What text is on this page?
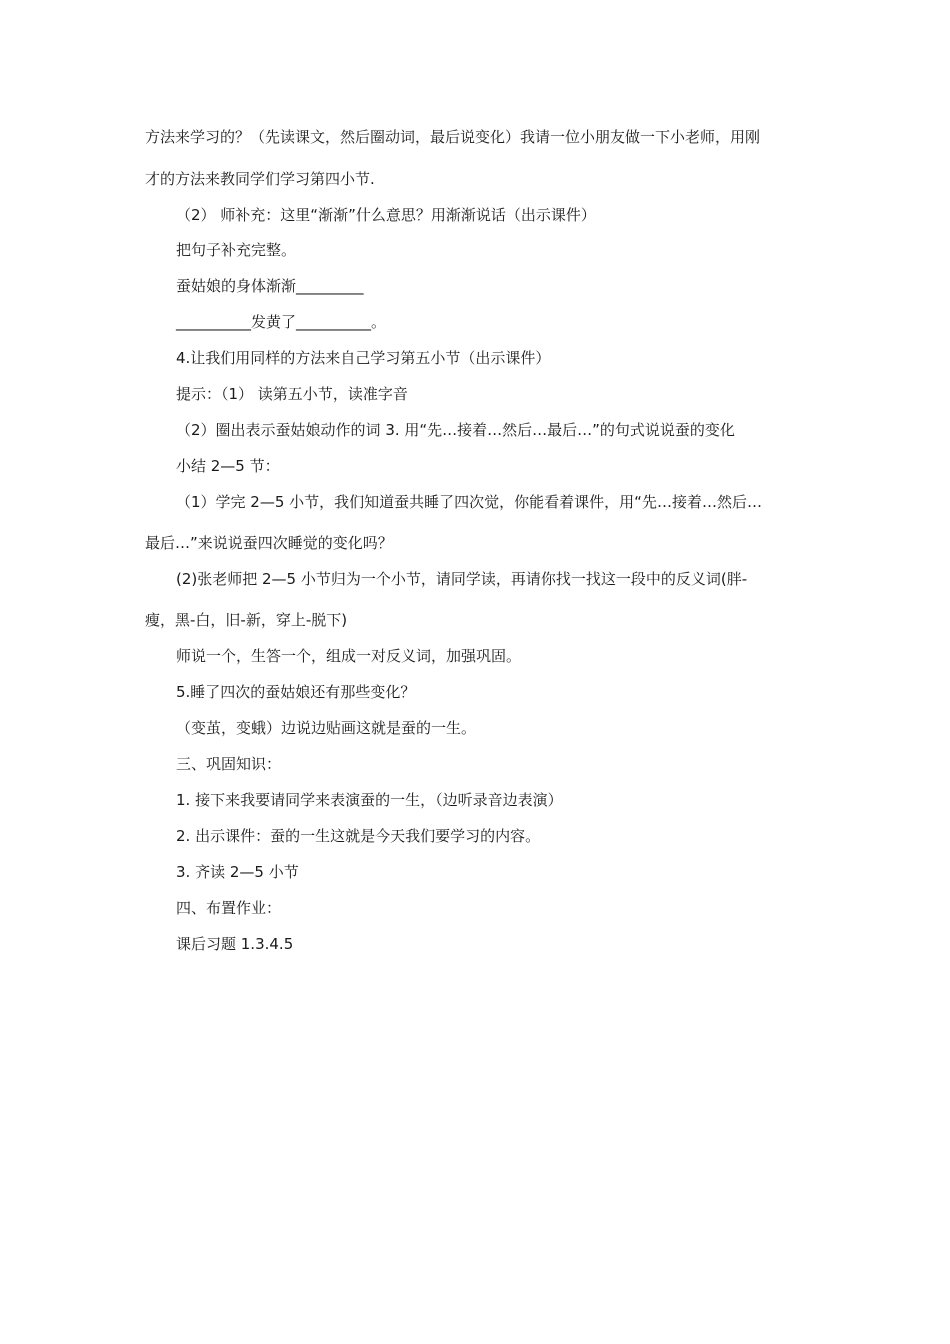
方法来学习的？（先读课文，然后圈动词，最后说变化）我请一位小朋友做一下小老师，用刚
才的方法来教同学们学习第四小节.
（2） 师补充：这里“渐渐”什么意思？用渐渐说话（出示课件）
把句子补充完整。
蚕姑娘的身体渐渐_________
__________发黄了__________。
4.让我们用同样的方法来自己学习第五小节（出示课件）
提示：（1） 读第五小节，读准字音
（2）圈出表示蚕姑娘动作的词 3. 用“先…接着…然后…最后…”的句式说说蚕的变化
小结 2—5 节：
（1）学完 2—5 小节，我们知道蚕共睡了四次觉，你能看着课件，用“先…接着…然后…
最后…”来说说蚕四次睡觉的变化吗？
(2)张老师把 2—5 小节归为一个小节，请同学读，再请你找一找这一段中的反义词(胖-
瘦，黑-白，旧-新，穿上-脱下)
师说一个，生答一个，组成一对反义词，加强巩固。
5.睡了四次的蚕姑娘还有那些变化？
（变茧，变蛾）边说边贴画这就是蚕的一生。
三、巩固知识：
1. 接下来我要请同学来表演蚕的一生，（边听录音边表演）
2. 出示课件：蚕的一生这就是今天我们要学习的内容。
3. 齐读 2—5 小节
四、布置作业：
课后习题 1.3.4.5
